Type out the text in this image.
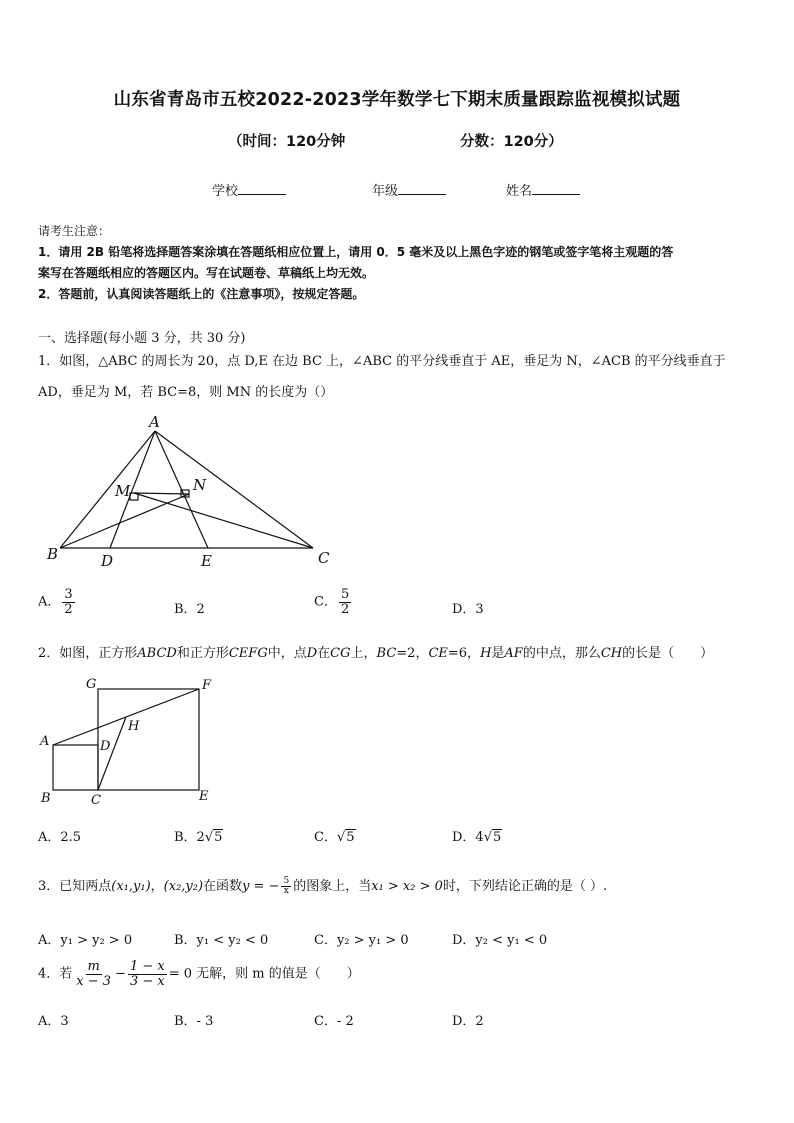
山东省青岛市五校2022-2023学年数学七下期末质量跟踪监视模拟试题
（时间：120分钟	分数：120分）
学校	年级	姓名
请考生注意：
1．请用 2B 铅笔将选择题答案涂填在答题纸相应位置上，请用 0．5 毫米及以上黑色字迹的钢笔或签字笔将主观题的答
案写在答题纸相应的答题区内。写在试题卷、草稿纸上均无效。
2．答题前，认真阅读答题纸上的《注意事项》，按规定答题。
一、选择题(每小题 3 分，共 30 分)
1．如图，△ABC 的周长为 20，点 D,E 在边 BC 上，∠ABC 的平分线垂直于 AE，垂足为 N，∠ACB 的平分线垂直于
AD，垂足为 M，若 BC=8，则 MN 的长度为（）
A
B	C
D	E
M	N
A． $\frac{3}{2}$	B．2	C． $\frac{5}{2}$	D．3
2．如图，正方形ABCD和正方形CEFG中，点D在CG上，BC=2，CE=6，H是AF的中点，那么CH的长是（　　）
G	F
H
A	D
B	C	E
A．2.5	B．2√5	C．√5	D．4√5
3．已知两点(x₁,y₁)，(x₂,y₂)在函数y = − $\frac{5}{x}$ 的图象上，当x₁ > x₂ > 0时，下列结论正确的是（ ）.
A．y₁ > y₂ > 0	B．y₁ < y₂ < 0	C．y₂ > y₁ > 0	D．y₂ < y₁ < 0
4．若 $\frac{m}{x - 3} - \frac{1 - x}{3 - x} = 0$ 无解，则 m 的值是（　　）
A．3	B．- 3	C．- 2	D．2
